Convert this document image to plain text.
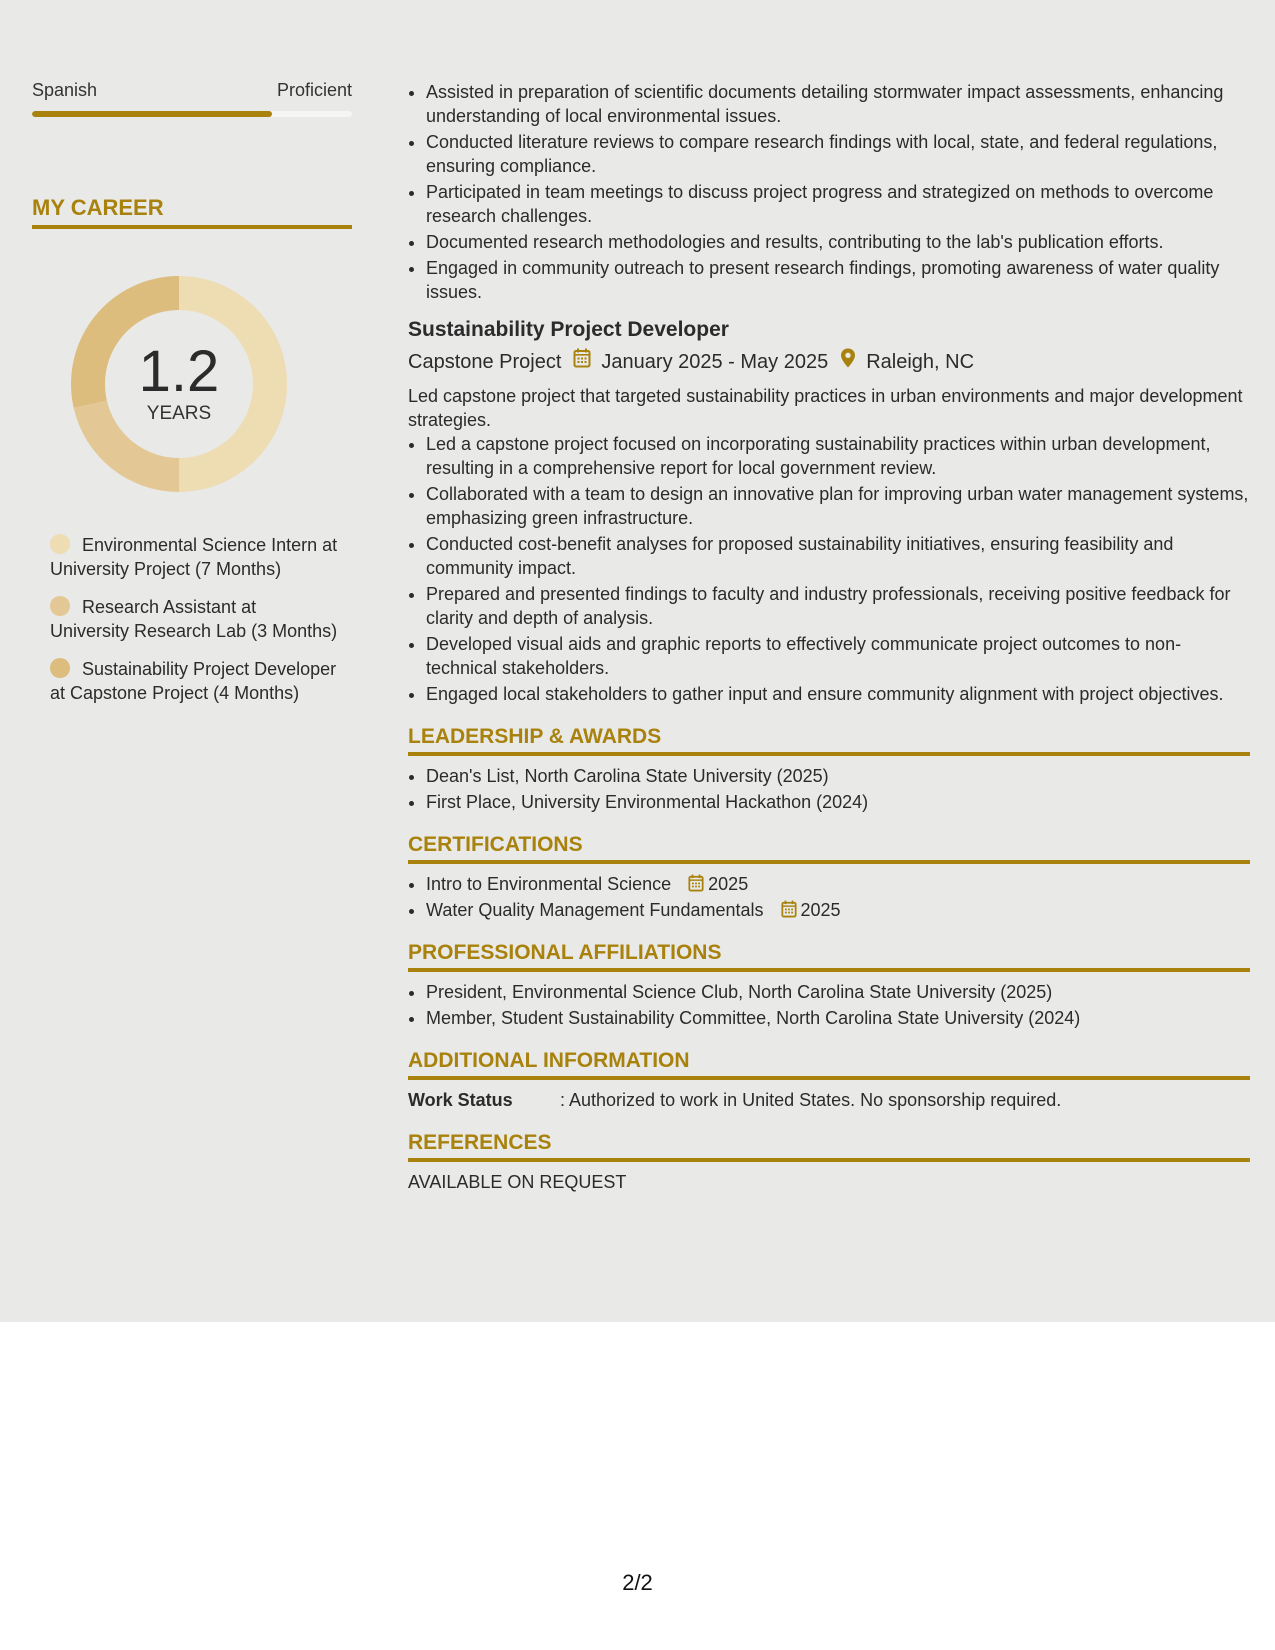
Spanish	Proficient
MY CAREER
1.2
YEARS
Environmental Science Intern at University Project (7 Months)
Research Assistant at University Research Lab (3 Months)
Sustainability Project Developer at Capstone Project (4 Months)
• Assisted in preparation of scientific documents detailing stormwater impact assessments, enhancing understanding of local environmental issues.
• Conducted literature reviews to compare research findings with local, state, and federal regulations, ensuring compliance.
• Participated in team meetings to discuss project progress and strategized on methods to overcome research challenges.
• Documented research methodologies and results, contributing to the lab's publication efforts.
• Engaged in community outreach to present research findings, promoting awareness of water quality issues.
Sustainability Project Developer
Capstone Project January 2025 - May 2025 Raleigh, NC
Led capstone project that targeted sustainability practices in urban environments and major development strategies.
• Led a capstone project focused on incorporating sustainability practices within urban development, resulting in a comprehensive report for local government review.
• Collaborated with a team to design an innovative plan for improving urban water management systems, emphasizing green infrastructure.
• Conducted cost-benefit analyses for proposed sustainability initiatives, ensuring feasibility and community impact.
• Prepared and presented findings to faculty and industry professionals, receiving positive feedback for clarity and depth of analysis.
• Developed visual aids and graphic reports to effectively communicate project outcomes to non-technical stakeholders.
• Engaged local stakeholders to gather input and ensure community alignment with project objectives.
LEADERSHIP & AWARDS
• Dean's List, North Carolina State University (2025)
• First Place, University Environmental Hackathon (2024)
CERTIFICATIONS
• Intro to Environmental Science 2025
• Water Quality Management Fundamentals 2025
PROFESSIONAL AFFILIATIONS
• President, Environmental Science Club, North Carolina State University (2025)
• Member, Student Sustainability Committee, North Carolina State University (2024)
ADDITIONAL INFORMATION
Work Status	: Authorized to work in United States. No sponsorship required.
REFERENCES
AVAILABLE ON REQUEST
2/2
